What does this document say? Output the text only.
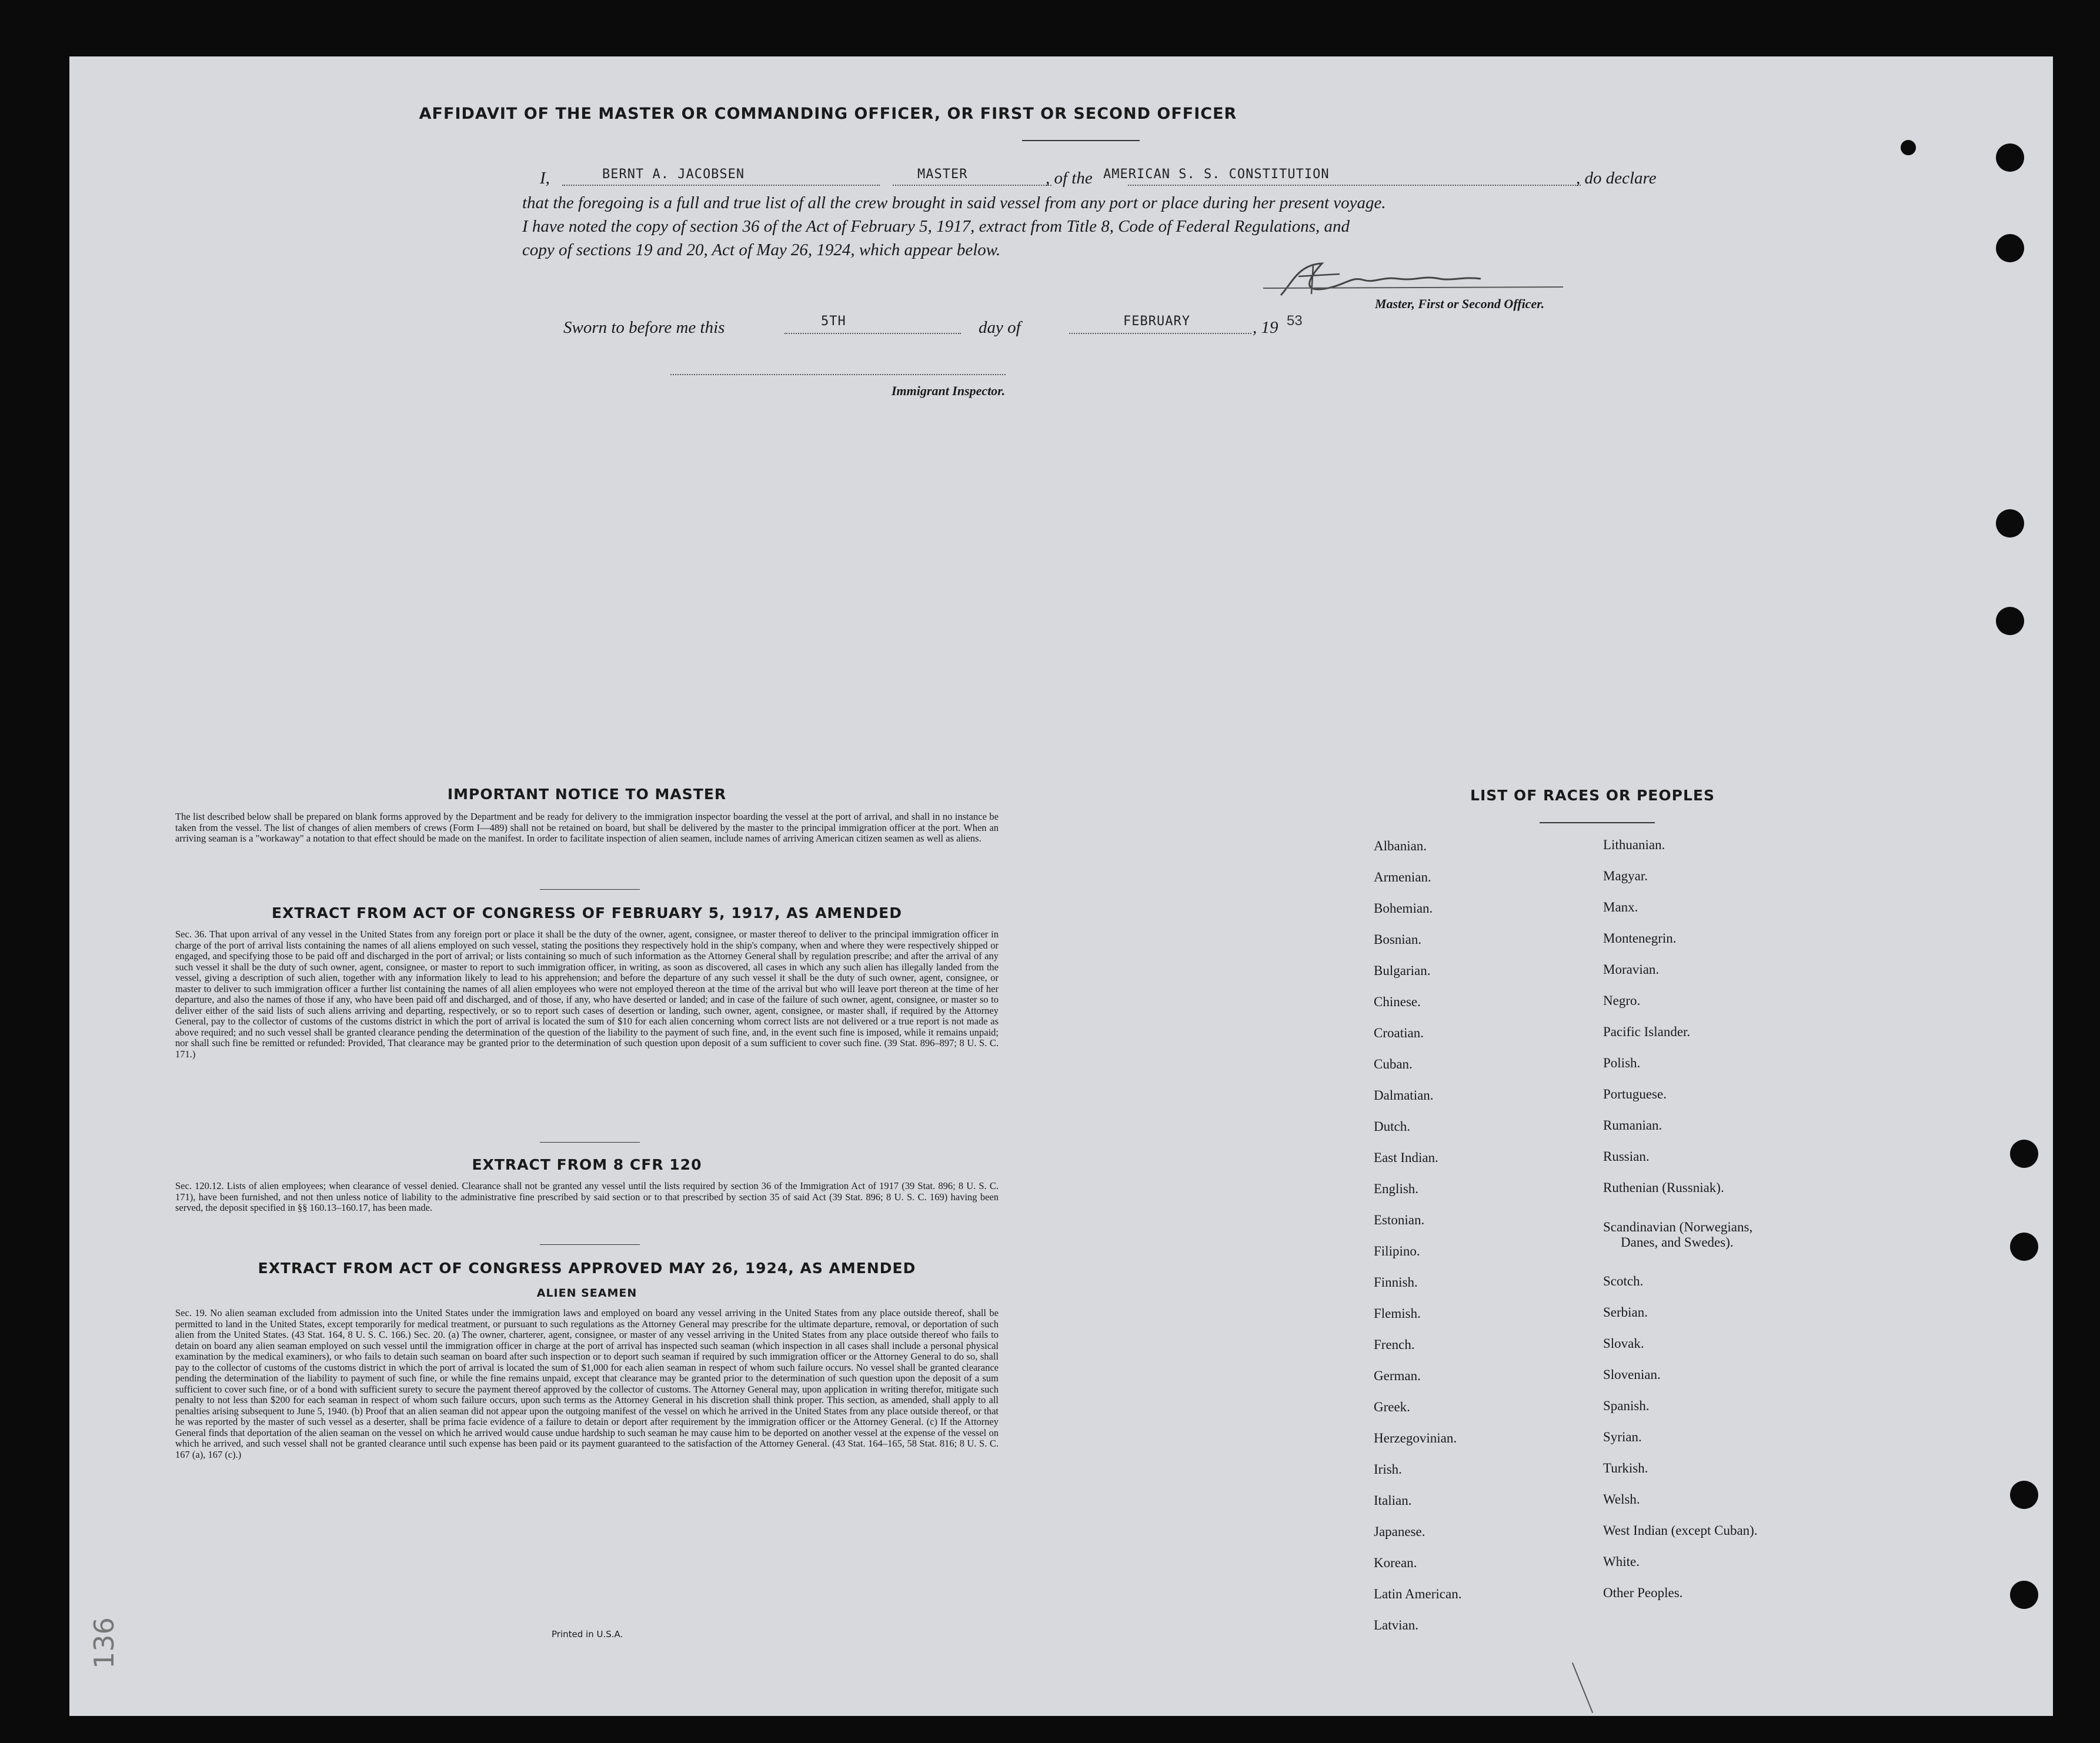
AFFIDAVIT OF THE MASTER OR COMMANDING OFFICER, OR FIRST OR SECOND OFFICER
I,	BERNT A. JACOBSEN	MASTER	, of the AMERICAN S. S. CONSTITUTION	, do declare
that the foregoing is a full and true list of all the crew brought in said vessel from any port or place during her present voyage.
I have noted the copy of section 36 of the Act of February 5, 1917, extract from Title 8, Code of Federal Regulations, and
copy of sections 19 and 20, Act of May 26, 1924, which appear below.
Master, First or Second Officer.
Sworn to before me this	5TH	day of	FEBRUARY	, 19 53
Immigrant Inspector.
IMPORTANT NOTICE TO MASTER
The list described below shall be prepared on blank forms approved by the Department and be ready for delivery to the immigration inspector boarding the vessel at the port of arrival, and shall in no instance be taken from the vessel. The list of changes of alien members of crews (Form I—489) shall not be retained on board, but shall be delivered by the master to the principal immigration officer at the port. When an arriving seaman is a "workaway" a notation to that effect should be made on the manifest. In order to facilitate inspection of alien seamen, include names of arriving American citizen seamen as well as aliens.
EXTRACT FROM ACT OF CONGRESS OF FEBRUARY 5, 1917, AS AMENDED
Sec. 36. That upon arrival of any vessel in the United States from any foreign port or place it shall be the duty of the owner, agent, consignee, or master thereof to deliver to the principal immigration officer in charge of the port of arrival lists containing the names of all aliens employed on such vessel, stating the positions they respectively hold in the ship's company, when and where they were respectively shipped or engaged, and specifying those to be paid off and discharged in the port of arrival; or lists containing so much of such information as the Attorney General shall by regulation prescribe; and after the arrival of any such vessel it shall be the duty of such owner, agent, consignee, or master to report to such immigration officer, in writing, as soon as discovered, all cases in which any such alien has illegally landed from the vessel, giving a description of such alien, together with any information likely to lead to his apprehension; and before the departure of any such vessel it shall be the duty of such owner, agent, consignee, or master to deliver to such immigration officer a further list containing the names of all alien employees who were not employed thereon at the time of the arrival but who will leave port thereon at the time of her departure, and also the names of those if any, who have been paid off and discharged, and of those, if any, who have deserted or landed; and in case of the failure of such owner, agent, consignee, or master so to deliver either of the said lists of such aliens arriving and departing, respectively, or so to report such cases of desertion or landing, such owner, agent, consignee, or master shall, if required by the Attorney General, pay to the collector of customs of the customs district in which the port of arrival is located the sum of $10 for each alien concerning whom correct lists are not delivered or a true report is not made as above required; and no such vessel shall be granted clearance pending the determination of the question of the liability to the payment of such fine, and, in the event such fine is imposed, while it remains unpaid; nor shall such fine be remitted or refunded: Provided, That clearance may be granted prior to the determination of such question upon deposit of a sum sufficient to cover such fine. (39 Stat. 896–897; 8 U. S. C. 171.)
EXTRACT FROM 8 CFR 120
Sec. 120.12. Lists of alien employees; when clearance of vessel denied. Clearance shall not be granted any vessel until the lists required by section 36 of the Immigration Act of 1917 (39 Stat. 896; 8 U. S. C. 171), have been furnished, and not then unless notice of liability to the administrative fine prescribed by said section or to that prescribed by section 35 of said Act (39 Stat. 896; 8 U. S. C. 169) having been served, the deposit specified in §§ 160.13–160.17, has been made.
EXTRACT FROM ACT OF CONGRESS APPROVED MAY 26, 1924, AS AMENDED
ALIEN SEAMEN
Sec. 19. No alien seaman excluded from admission into the United States under the immigration laws and employed on board any vessel arriving in the United States from any place outside thereof, shall be permitted to land in the United States, except temporarily for medical treatment, or pursuant to such regulations as the Attorney General may prescribe for the ultimate departure, removal, or deportation of such alien from the United States. (43 Stat. 164, 8 U. S. C. 166.) Sec. 20. (a) The owner, charterer, agent, consignee, or master of any vessel arriving in the United States from any place outside thereof who fails to detain on board any alien seaman employed on such vessel until the immigration officer in charge at the port of arrival has inspected such seaman (which inspection in all cases shall include a personal physical examination by the medical examiners), or who fails to detain such seaman on board after such inspection or to deport such seaman if required by such immigration officer or the Attorney General to do so, shall pay to the collector of customs of the customs district in which the port of arrival is located the sum of $1,000 for each alien seaman in respect of whom such failure occurs. No vessel shall be granted clearance pending the determination of the liability to payment of such fine, or while the fine remains unpaid, except that clearance may be granted prior to the determination of such question upon the deposit of a sum sufficient to cover such fine, or of a bond with sufficient surety to secure the payment thereof approved by the collector of customs. The Attorney General may, upon application in writing therefor, mitigate such penalty to not less than $200 for each seaman in respect of whom such failure occurs, upon such terms as the Attorney General in his discretion shall think proper. This section, as amended, shall apply to all penalties arising subsequent to June 5, 1940. (b) Proof that an alien seaman did not appear upon the outgoing manifest of the vessel on which he arrived in the United States from any place outside thereof, or that he was reported by the master of such vessel as a deserter, shall be prima facie evidence of a failure to detain or deport after requirement by the immigration officer or the Attorney General. (c) If the Attorney General finds that deportation of the alien seaman on the vessel on which he arrived would cause undue hardship to such seaman he may cause him to be deported on another vessel at the expense of the vessel on which he arrived, and such vessel shall not be granted clearance until such expense has been paid or its payment guaranteed to the satisfaction of the Attorney General. (43 Stat. 164–165, 58 Stat. 816; 8 U. S. C. 167 (a), 167 (c).)
Printed in U.S.A.
LIST OF RACES OR PEOPLES
Albanian.
Armenian.
Bohemian.
Bosnian.
Bulgarian.
Chinese.
Croatian.
Cuban.
Dalmatian.
Dutch.
East Indian.
English.
Estonian.
Filipino.
Finnish.
Flemish.
French.
German.
Greek.
Herzegovinian.
Irish.
Italian.
Japanese.
Korean.
Latin American.
Latvian.
Lithuanian.
Magyar.
Manx.
Montenegrin.
Moravian.
Negro.
Pacific Islander.
Polish.
Portuguese.
Rumanian.
Russian.
Ruthenian (Russniak).
Scandinavian (Norwegians,
Danes, and Swedes).
Scotch.
Serbian.
Slovak.
Slovenian.
Spanish.
Syrian.
Turkish.
Welsh.
West Indian (except Cuban).
White.
Other Peoples.
136
